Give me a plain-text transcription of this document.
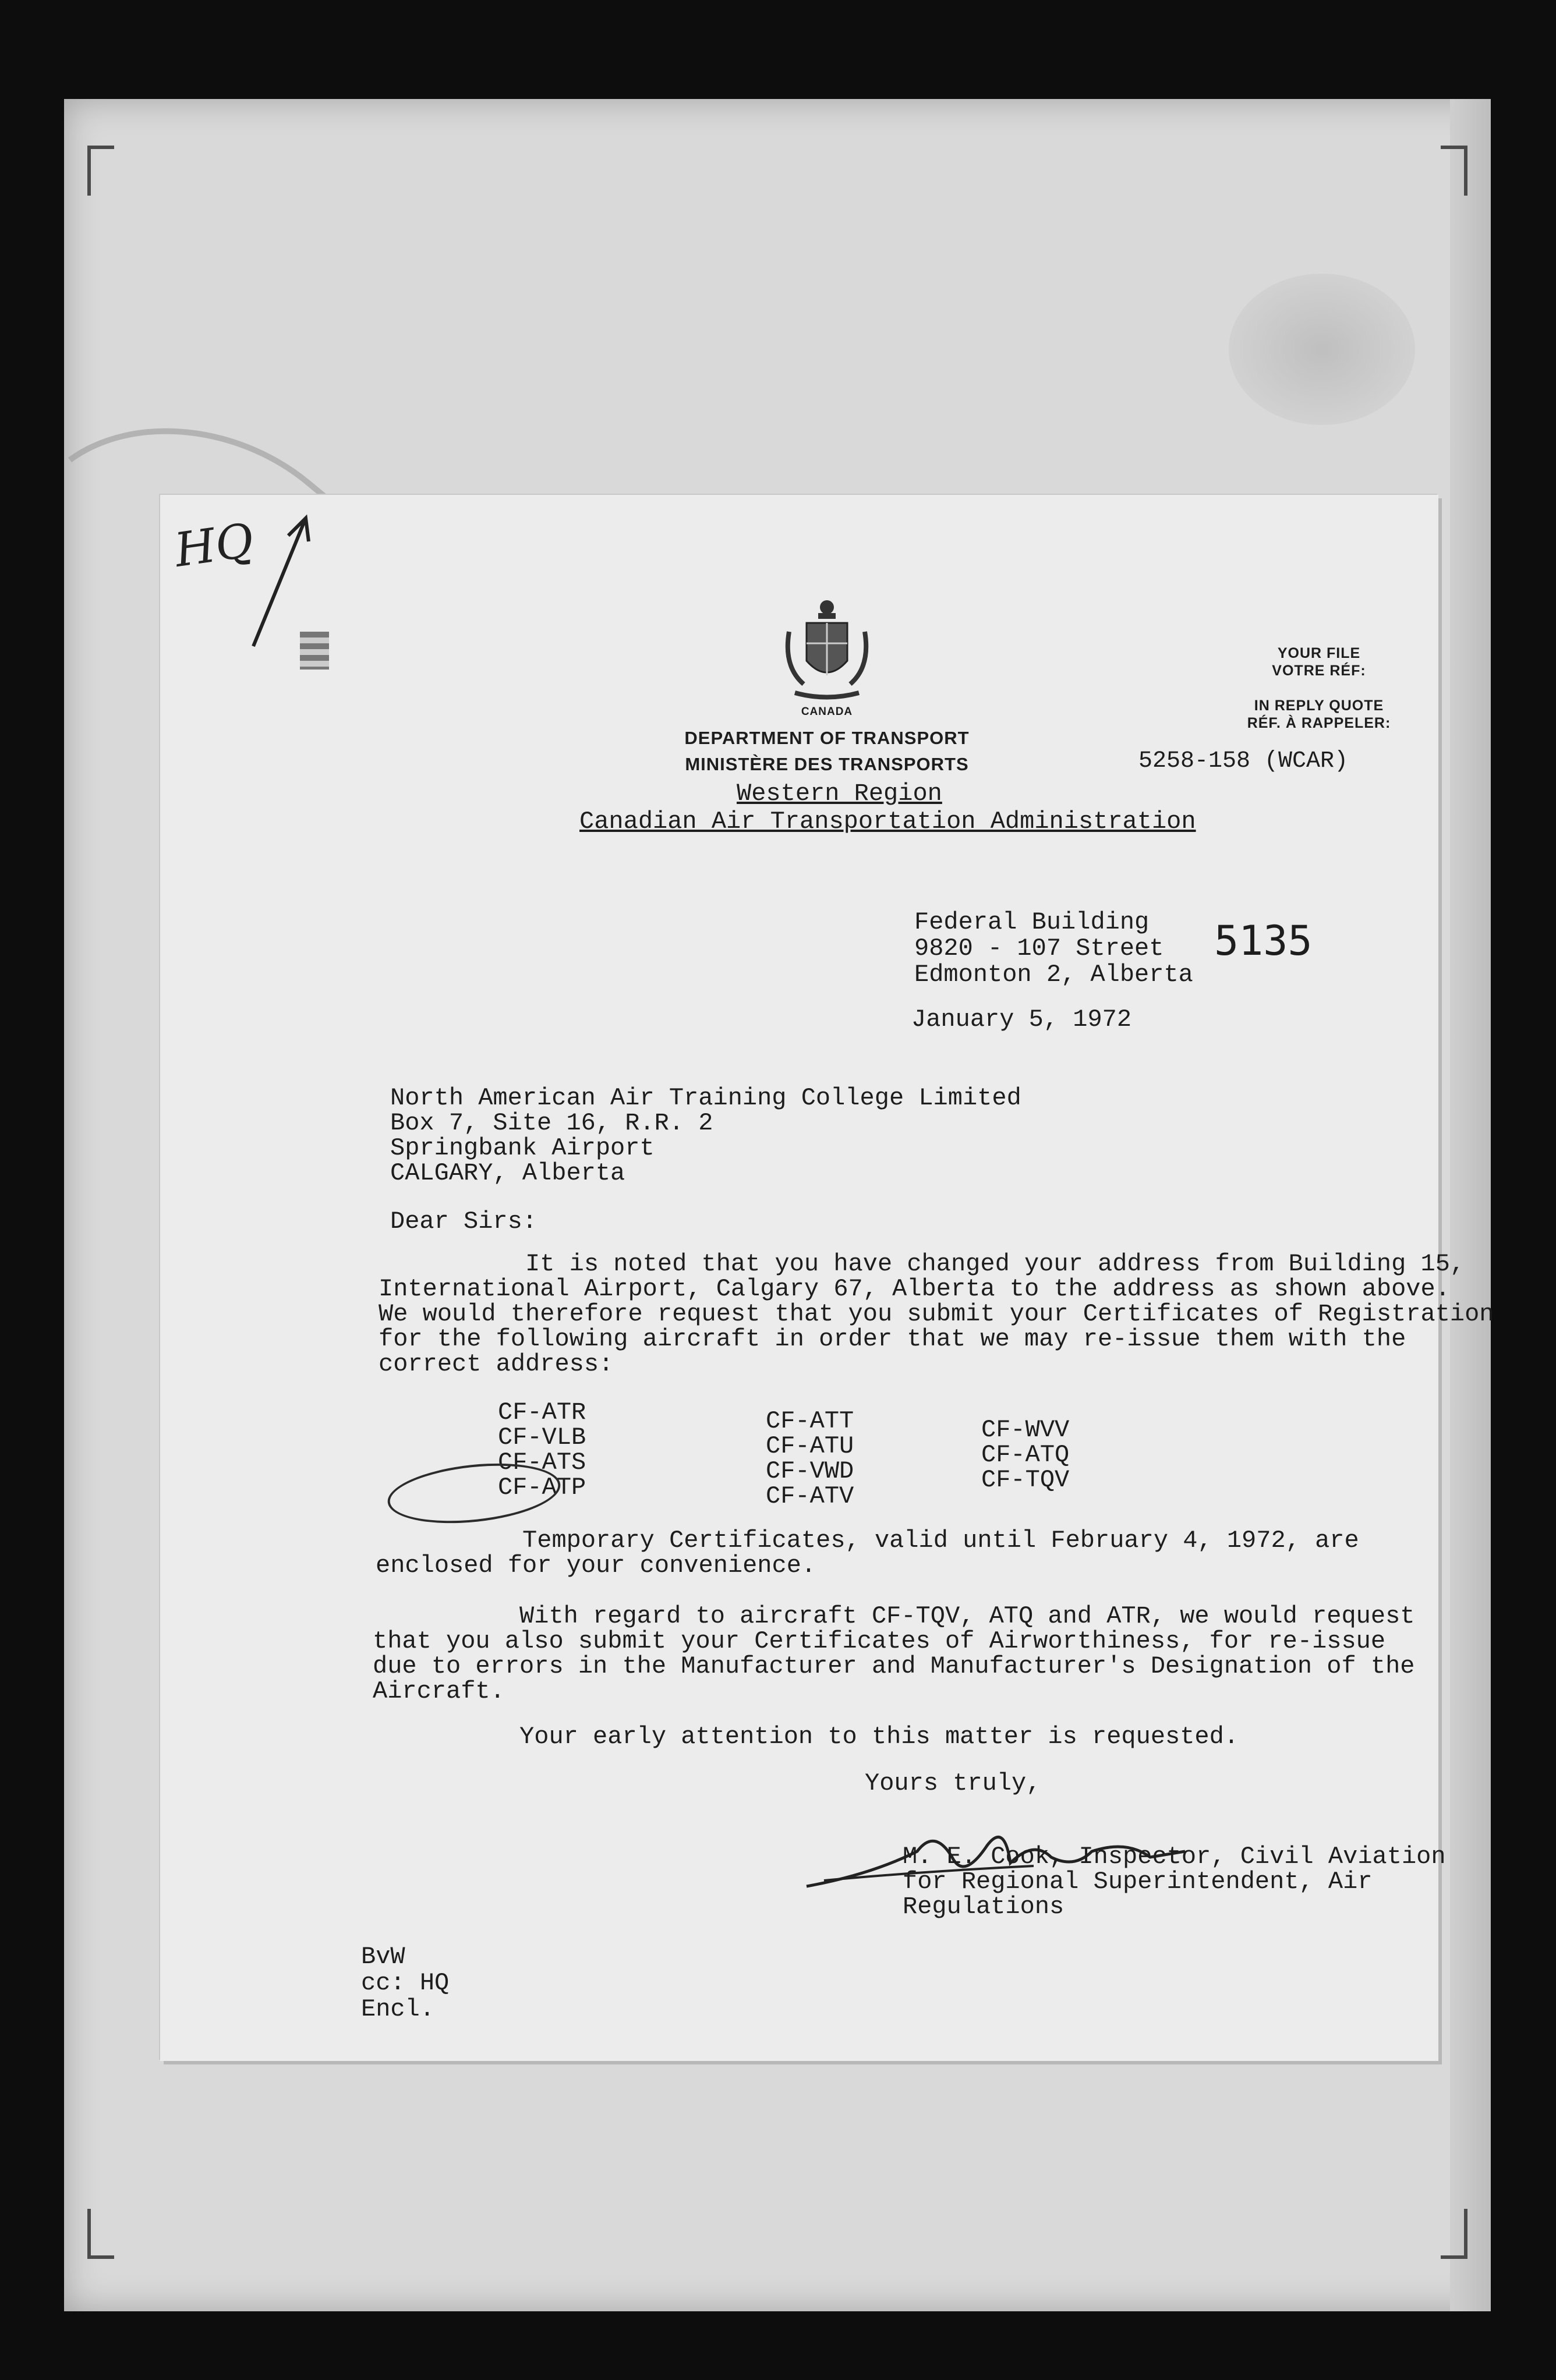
HQ
CANADA
DEPARTMENT OF TRANSPORT
MINISTÈRE DES TRANSPORTS
YOUR FILE
VOTRE RÉF:
IN REPLY QUOTE
RÉF. À RAPPELER:
5258-158 (WCAR)
Western Region
Canadian Air Transportation Administration
5135
Federal Building
9820 - 107 Street
Edmonton 2, Alberta
January 5, 1972
North American Air Training College Limited
Box 7, Site 16, R.R. 2
Springbank Airport
CALGARY, Alberta
Dear Sirs:
It is noted that you have changed your address from Building 15,
International Airport, Calgary 67, Alberta to the address as shown above.
We would therefore request that you submit your Certificates of Registration
for the following aircraft in order that we may re-issue them with the
correct address:
CF-ATR
CF-VLB
CF-ATS
CF-ATP
CF-ATT
CF-ATU
CF-VWD
CF-ATV
CF-WVV
CF-ATQ
CF-TQV
Temporary Certificates, valid until February 4, 1972, are
enclosed for your convenience.
With regard to aircraft CF-TQV, ATQ and ATR, we would request
that you also submit your Certificates of Airworthiness, for re-issue
due to errors in the Manufacturer and Manufacturer's Designation of the
Aircraft.
Your early attention to this matter is requested.
Yours truly,
M. E. Cook, Inspector, Civil Aviation
for Regional Superintendent, Air
Regulations
BvW
cc: HQ
Encl.
